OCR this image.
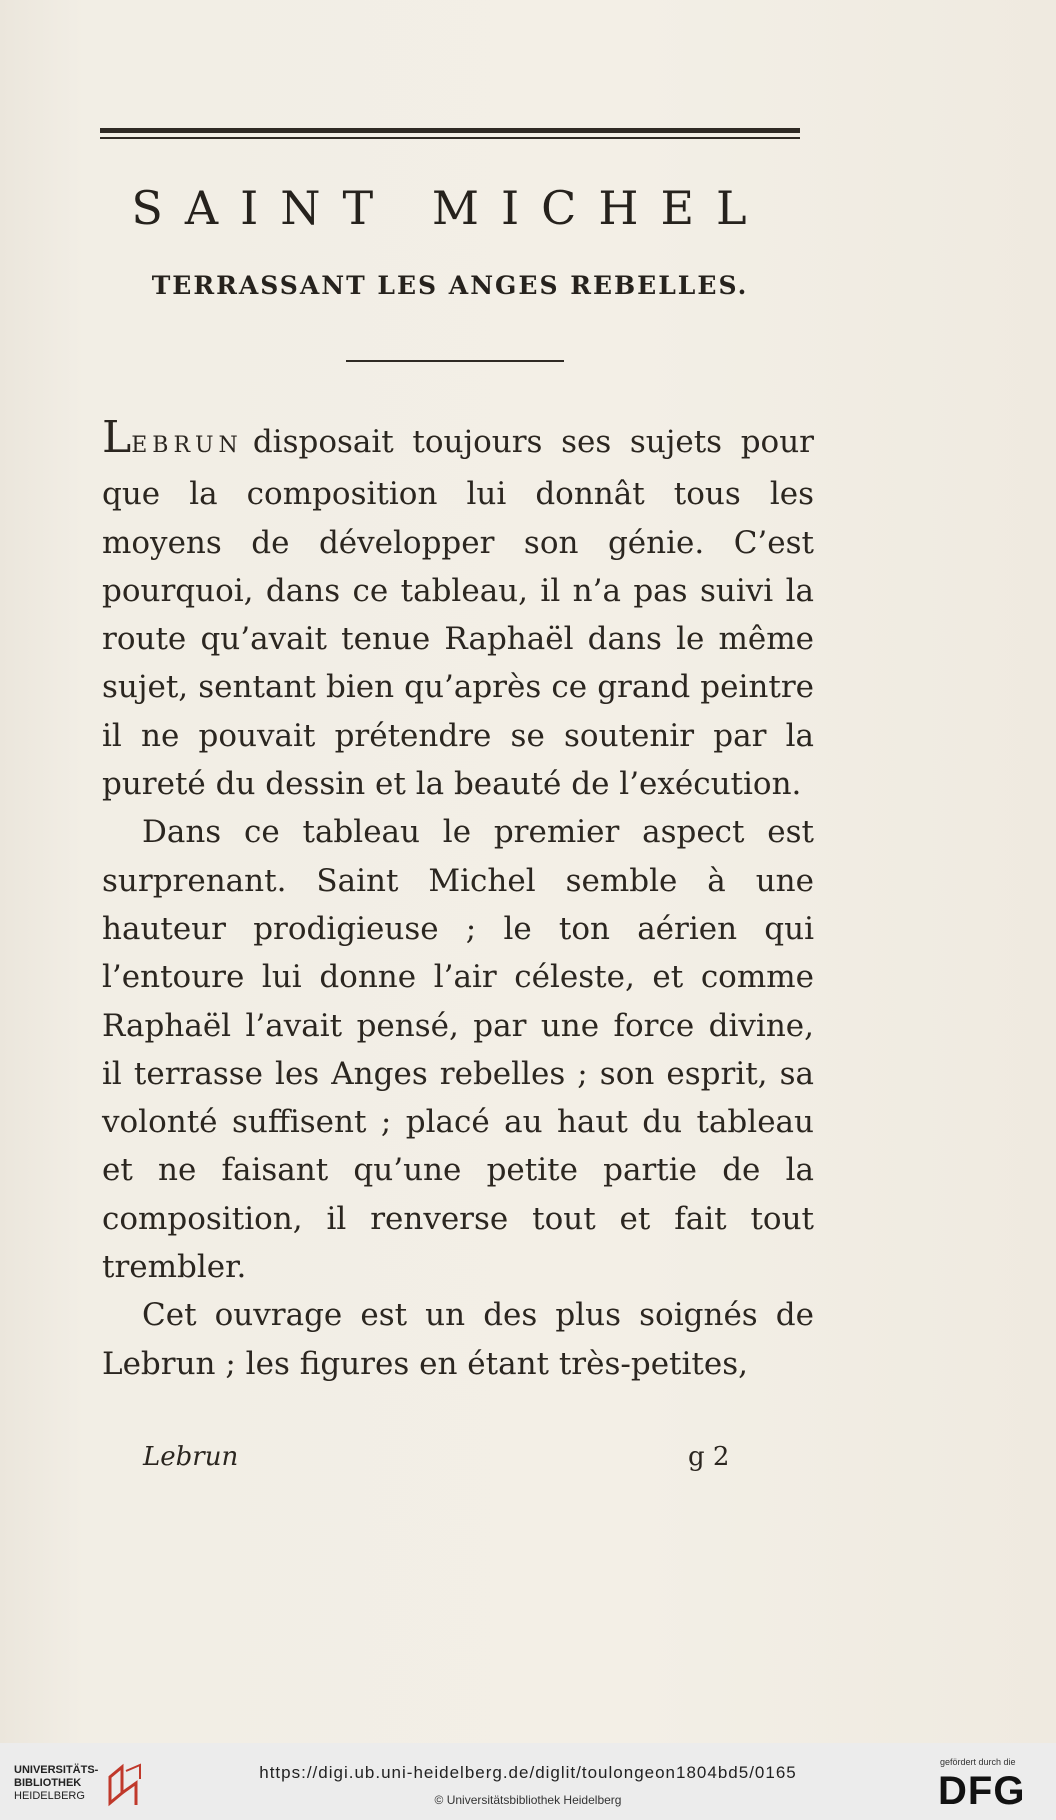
SAINT MICHEL
TERRASSANT LES ANGES REBELLES.

LEBRUN disposait toujours ses sujets pour que la composition lui donnât tous les moyens de développer son génie. C’est pourquoi, dans ce tableau, il n’a pas suivi la route qu’avait tenue Raphaël dans le même sujet, sentant bien qu’après ce grand peintre il ne pouvait prétendre se soutenir par la pureté du dessin et la beauté de l’exécution.

Dans ce tableau le premier aspect est surprenant. Saint Michel semble à une hauteur prodigieuse ; le ton aérien qui l’entoure lui donne l’air céleste, et comme Raphaël l’avait pensé, par une force divine, il terrasse les Anges rebelles ; son esprit, sa volonté suffisent ; placé au haut du tableau et ne faisant qu’une petite partie de la composition, il renverse tout et fait tout trembler.

Cet ouvrage est un des plus soignés de Lebrun ; les figures en étant très-petites,

Lebrun	g 2
UNIVERSITÄTS-
BIBLIOTHEK
HEIDELBERG
https://digi.ub.uni-heidelberg.de/diglit/toulongeon1804bd5/0165
© Universitätsbibliothek Heidelberg
gefördert durch die
DFG
